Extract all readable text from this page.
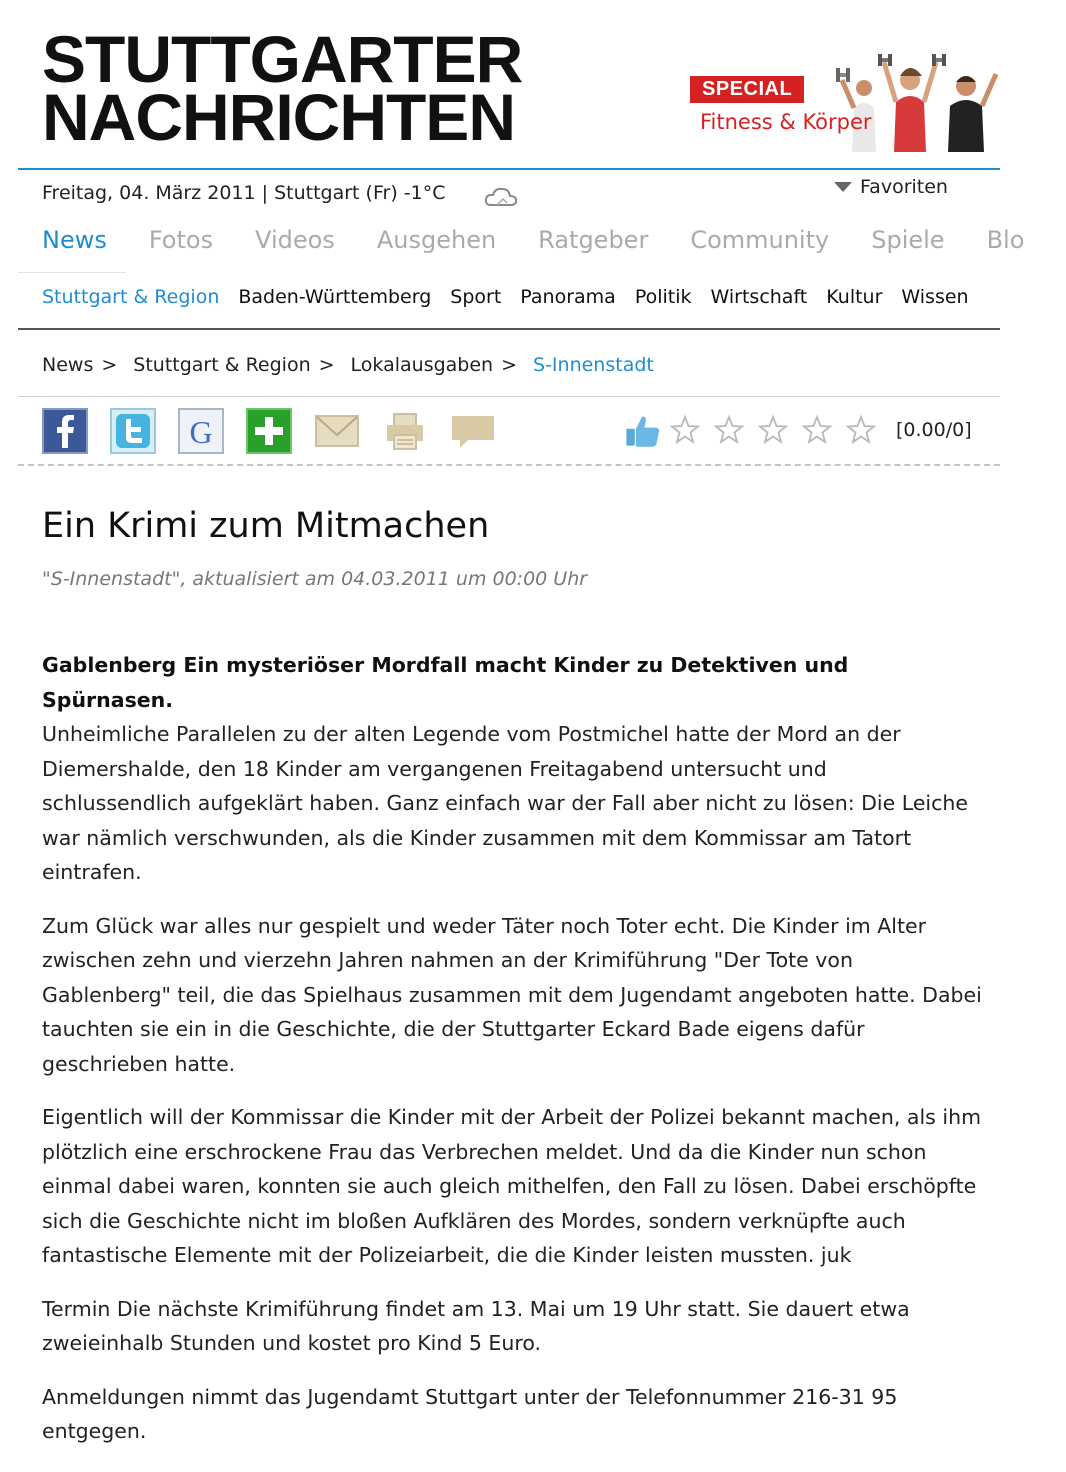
STUTTGARTER
NACHRICHTEN	SPECIAL
Fitness & Körper
Freitag, 04. März 2011 | Stuttgart (Fr) -1°C	Favoriten
News Fotos Videos Ausgehen Ratgeber Community Spiele Blo
Stuttgart & Region Baden-Württemberg Sport Panorama Politik Wirtschaft Kultur Wissen
News > Stuttgart & Region > Lokalausgaben > S-Innenstadt
G	[0.00/0]
Ein Krimi zum Mitmachen
"S-Innenstadt", aktualisiert am 04.03.2011 um 00:00 Uhr

Gablenberg Ein mysteriöser Mordfall macht Kinder zu Detektiven und Spürnasen.
Unheimliche Parallelen zu der alten Legende vom Postmichel hatte der Mord an der Diemershalde, den 18 Kinder am vergangenen Freitagabend untersucht und schlussendlich aufgeklärt haben. Ganz einfach war der Fall aber nicht zu lösen: Die Leiche war nämlich verschwunden, als die Kinder zusammen mit dem Kommissar am Tatort eintrafen.

Zum Glück war alles nur gespielt und weder Täter noch Toter echt. Die Kinder im Alter zwischen zehn und vierzehn Jahren nahmen an der Krimiführung "Der Tote von Gablenberg" teil, die das Spielhaus zusammen mit dem Jugendamt angeboten hatte. Dabei tauchten sie ein in die Geschichte, die der Stuttgarter Eckard Bade eigens dafür geschrieben hatte.

Eigentlich will der Kommissar die Kinder mit der Arbeit der Polizei bekannt machen, als ihm plötzlich eine erschrockene Frau das Verbrechen meldet. Und da die Kinder nun schon einmal dabei waren, konnten sie auch gleich mithelfen, den Fall zu lösen. Dabei erschöpfte sich die Geschichte nicht im bloßen Aufklären des Mordes, sondern verknüpfte auch fantastische Elemente mit der Polizeiarbeit, die die Kinder leisten mussten. juk

Termin Die nächste Krimiführung findet am 13. Mai um 19 Uhr statt. Sie dauert etwa zweieinhalb Stunden und kostet pro Kind 5 Euro.

Anmeldungen nimmt das Jugendamt Stuttgart unter der Telefonnummer 216-31 95 entgegen.
